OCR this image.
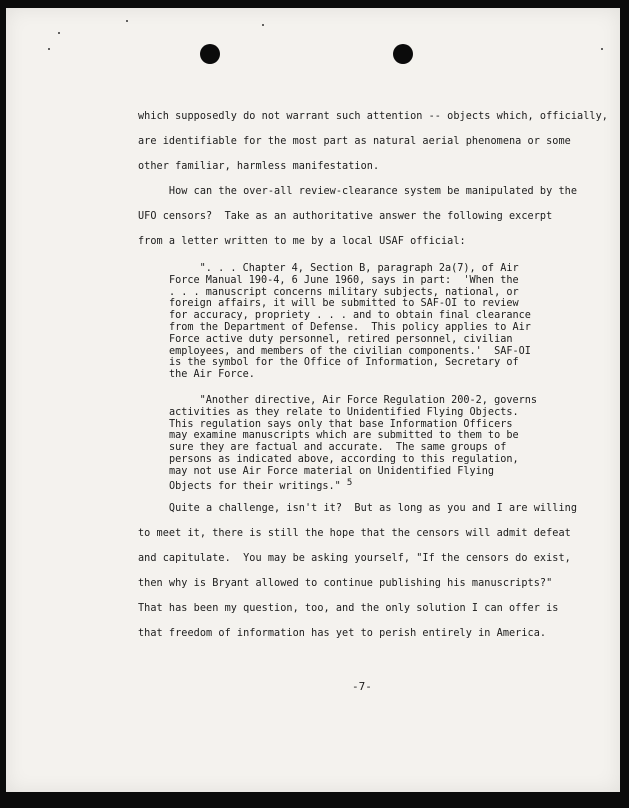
which supposedly do not warrant such attention -- objects which, officially,
are identifiable for the most part as natural aerial phenomena or some
other familiar, harmless manifestation.

How can the over-all review-clearance system be manipulated by the
UFO censors?  Take as an authoritative answer the following excerpt
from a letter written to me by a local USAF official:

". . . Chapter 4, Section B, paragraph 2a(7), of Air
Force Manual 190-4, 6 June 1960, says in part:  'When the
. . . manuscript concerns military subjects, national, or
foreign affairs, it will be submitted to SAF-OI to review
for accuracy, propriety . . . and to obtain final clearance
from the Department of Defense.  This policy applies to Air
Force active duty personnel, retired personnel, civilian
employees, and members of the civilian components.'  SAF-OI
is the symbol for the Office of Information, Secretary of
the Air Force.

"Another directive, Air Force Regulation 200-2, governs
activities as they relate to Unidentified Flying Objects.
This regulation says only that base Information Officers
may examine manuscripts which are submitted to them to be
sure they are factual and accurate.  The same groups of
persons as indicated above, according to this regulation,
may not use Air Force material on Unidentified Flying
Objects for their writings." 5

Quite a challenge, isn't it?  But as long as you and I are willing
to meet it, there is still the hope that the censors will admit defeat
and capitulate.  You may be asking yourself, "If the censors do exist,
then why is Bryant allowed to continue publishing his manuscripts?"
That has been my question, too, and the only solution I can offer is
that freedom of information has yet to perish entirely in America.

-7-
